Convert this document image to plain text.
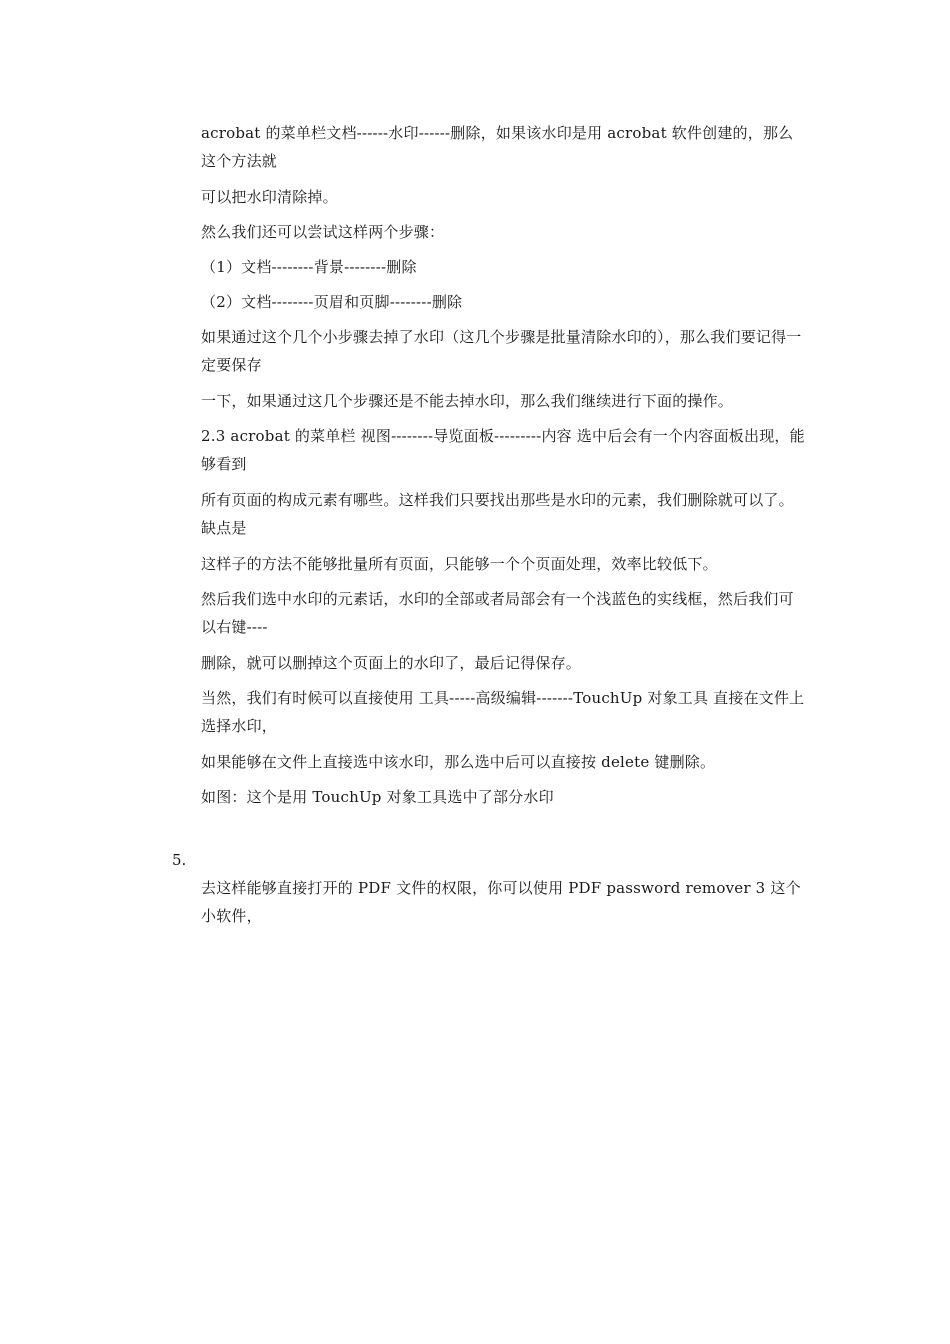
acrobat 的菜单栏文档------水印------删除，如果该水印是用 acrobat 软件创建的，那么这个方法就

可以把水印清除掉。

然么我们还可以尝试这样两个步骤：

（1）文档--------背景--------删除

（2）文档--------页眉和页脚--------删除

如果通过这个几个小步骤去掉了水印（这几个步骤是批量清除水印的），那么我们要记得一定要保存

一下，如果通过这几个步骤还是不能去掉水印，那么我们继续进行下面的操作。

2.3 acrobat 的菜单栏 视图--------导览面板---------内容 选中后会有一个内容面板出现，能够看到

所有页面的构成元素有哪些。这样我们只要找出那些是水印的元素，我们删除就可以了。缺点是

这样子的方法不能够批量所有页面，只能够一个个页面处理，效率比较低下。

然后我们选中水印的元素话，水印的全部或者局部会有一个浅蓝色的实线框，然后我们可以右键----

删除，就可以删掉这个页面上的水印了，最后记得保存。

当然，我们有时候可以直接使用 工具-----高级编辑-------TouchUp 对象工具 直接在文件上选择水印，

如果能够在文件上直接选中该水印，那么选中后可以直接按 delete 键删除。

如图：这个是用 TouchUp 对象工具选中了部分水印

5.

去这样能够直接打开的 PDF 文件的权限，你可以使用 PDF password remover 3 这个小软件，
